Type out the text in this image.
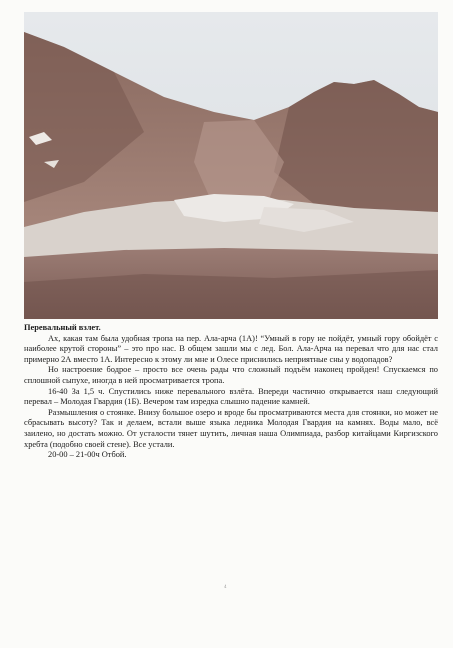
Перевальный взлет.

Ах, какая там была удобная тропа на пер. Ала-арча (1А)! “Умный в гору не пойдёт, умный гору обойдёт с наиболее крутой стороны” – это про нас. В общем зашли мы с лед. Бол. Ала-Арча на перевал что для нас стал примерно 2А вместо 1А. Интересно к этому ли мне и Олесе приснились неприятные сны у водопадов?

Но настроение бодрое – просто все очень рады что сложный подъём наконец пройден! Спускаемся по сплошной сыпухе, иногда в ней просматривается тропа.

16-40 За 1,5 ч. Спустились ниже перевального взлёта. Впереди частично открывается наш следующий перевал – Молодая Гвардия (1Б). Вечером там изредка слышно падение камней.

Размышления о стоянке. Внизу большое озеро и вроде бы просматриваются места для стоянки, но может не сбрасывать высоту? Так и делаем, встали выше языка ледника Молодая Гвардия на камнях. Воды мало, всё заилено, но достать можно. От усталости тянет шутить, личная наша Олимпиада, разбор китайцами Киргизского хребта (подобно своей стене). Все устали.

20-00 – 21-00ч Отбой.

4
